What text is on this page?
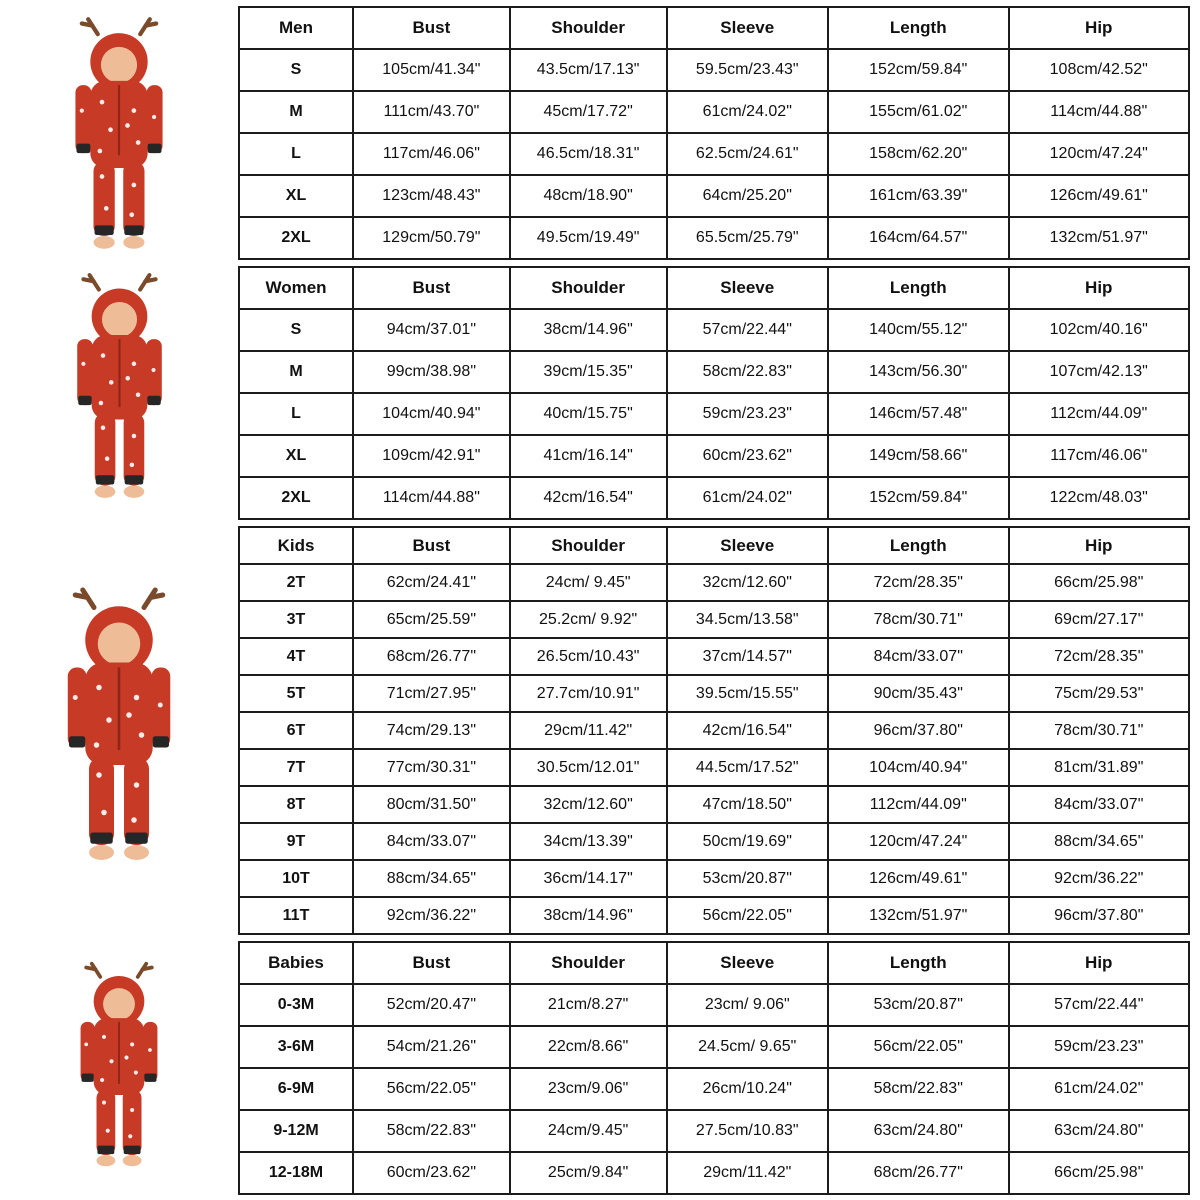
Men	Bust	Shoulder	Sleeve	Length	Hip
S	105cm/41.34"	43.5cm/17.13"	59.5cm/23.43"	152cm/59.84"	108cm/42.52"
M	111cm/43.70"	45cm/17.72"	61cm/24.02"	155cm/61.02"	114cm/44.88"
L	117cm/46.06"	46.5cm/18.31"	62.5cm/24.61"	158cm/62.20"	120cm/47.24"
XL	123cm/48.43"	48cm/18.90"	64cm/25.20"	161cm/63.39"	126cm/49.61"
2XL	129cm/50.79"	49.5cm/19.49"	65.5cm/25.79"	164cm/64.57"	132cm/51.97"
Women	Bust	Shoulder	Sleeve	Length	Hip
S	94cm/37.01"	38cm/14.96"	57cm/22.44"	140cm/55.12"	102cm/40.16"
M	99cm/38.98"	39cm/15.35"	58cm/22.83"	143cm/56.30"	107cm/42.13"
L	104cm/40.94"	40cm/15.75"	59cm/23.23"	146cm/57.48"	112cm/44.09"
XL	109cm/42.91"	41cm/16.14"	60cm/23.62"	149cm/58.66"	117cm/46.06"
2XL	114cm/44.88"	42cm/16.54"	61cm/24.02"	152cm/59.84"	122cm/48.03"
Kids	Bust	Shoulder	Sleeve	Length	Hip
2T	62cm/24.41"	24cm/ 9.45"	32cm/12.60"	72cm/28.35"	66cm/25.98"
3T	65cm/25.59"	25.2cm/ 9.92"	34.5cm/13.58"	78cm/30.71"	69cm/27.17"
4T	68cm/26.77"	26.5cm/10.43"	37cm/14.57"	84cm/33.07"	72cm/28.35"
5T	71cm/27.95"	27.7cm/10.91"	39.5cm/15.55"	90cm/35.43"	75cm/29.53"
6T	74cm/29.13"	29cm/11.42"	42cm/16.54"	96cm/37.80"	78cm/30.71"
7T	77cm/30.31"	30.5cm/12.01"	44.5cm/17.52"	104cm/40.94"	81cm/31.89"
8T	80cm/31.50"	32cm/12.60"	47cm/18.50"	112cm/44.09"	84cm/33.07"
9T	84cm/33.07"	34cm/13.39"	50cm/19.69"	120cm/47.24"	88cm/34.65"
10T	88cm/34.65"	36cm/14.17"	53cm/20.87"	126cm/49.61"	92cm/36.22"
11T	92cm/36.22"	38cm/14.96"	56cm/22.05"	132cm/51.97"	96cm/37.80"
Babies	Bust	Shoulder	Sleeve	Length	Hip
0-3M	52cm/20.47"	21cm/8.27"	23cm/ 9.06"	53cm/20.87"	57cm/22.44"
3-6M	54cm/21.26"	22cm/8.66"	24.5cm/ 9.65"	56cm/22.05"	59cm/23.23"
6-9M	56cm/22.05"	23cm/9.06"	26cm/10.24"	58cm/22.83"	61cm/24.02"
9-12M	58cm/22.83"	24cm/9.45"	27.5cm/10.83"	63cm/24.80"	63cm/24.80"
12-18M	60cm/23.62"	25cm/9.84"	29cm/11.42"	68cm/26.77"	66cm/25.98"
